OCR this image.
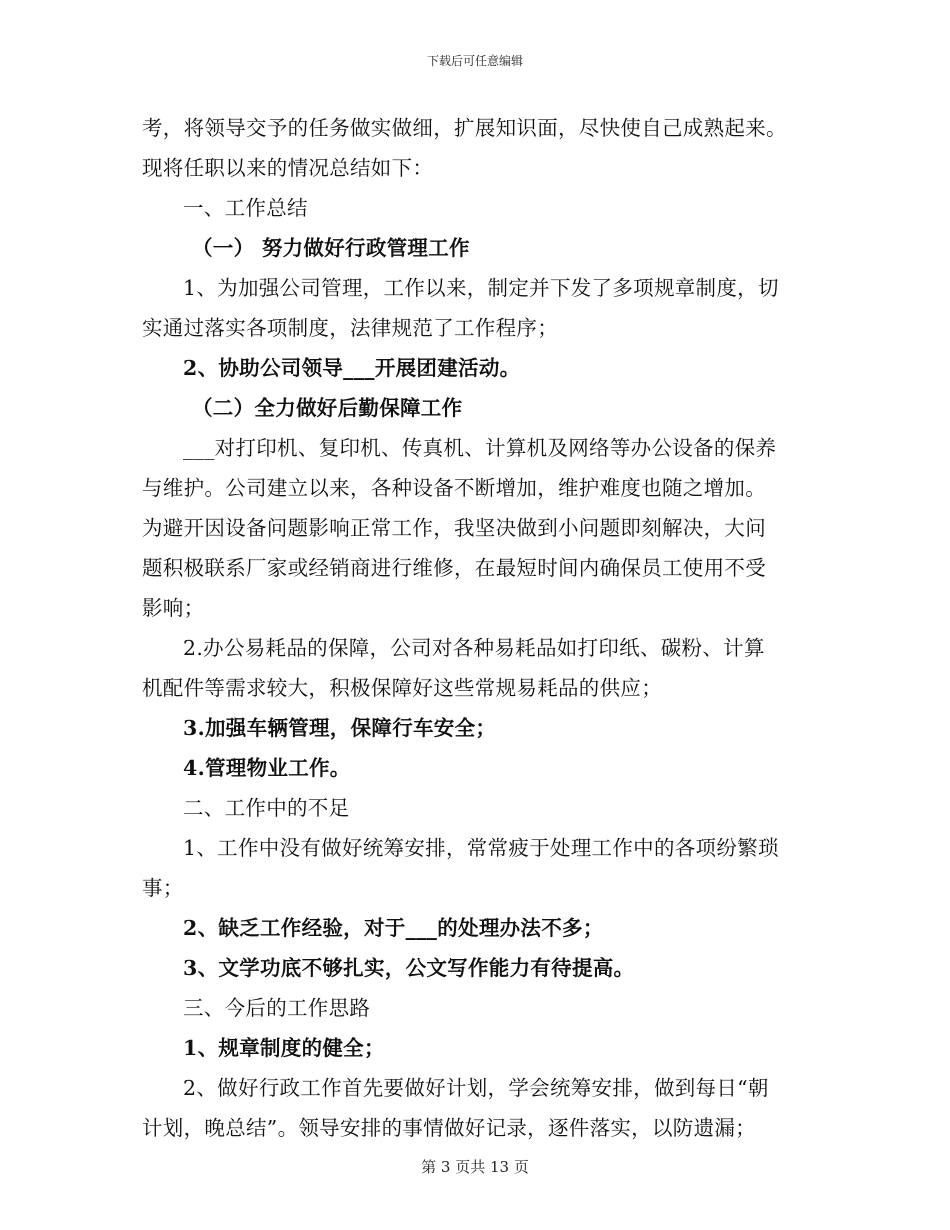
下载后可任意编辑
考，将领导交予的任务做实做细，扩展知识面，尽快使自己成熟起来。
现将任职以来的情况总结如下：
一、工作总结
（一） 努力做好行政管理工作
1、为加强公司管理，工作以来，制定并下发了多项规章制度，切
实通过落实各项制度，法律规范了工作程序；
2、协助公司领导___开展团建活动。
（二）全力做好后勤保障工作
___对打印机、复印机、传真机、计算机及网络等办公设备的保养
与维护。公司建立以来，各种设备不断增加，维护难度也随之增加。
为避开因设备问题影响正常工作，我坚决做到小问题即刻解决，大问
题积极联系厂家或经销商进行维修，在最短时间内确保员工使用不受
影响；
2.办公易耗品的保障，公司对各种易耗品如打印纸、碳粉、计算
机配件等需求较大，积极保障好这些常规易耗品的供应；
3.加强车辆管理，保障行车安全；
4.管理物业工作。
二、工作中的不足
1、工作中没有做好统筹安排，常常疲于处理工作中的各项纷繁琐
事；
2、缺乏工作经验，对于___的处理办法不多；
3、文学功底不够扎实，公文写作能力有待提高。
三、今后的工作思路
1、规章制度的健全；
2、做好行政工作首先要做好计划，学会统筹安排，做到每日“朝
计划，晚总结”。领导安排的事情做好记录，逐件落实，以防遗漏；
第 3 页共 13 页
